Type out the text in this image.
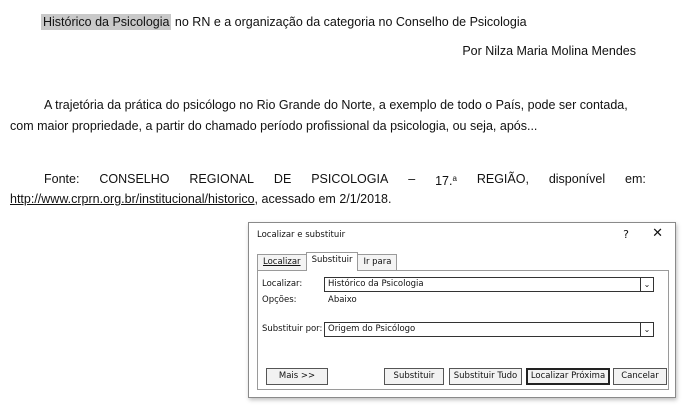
Histórico da Psicologia no RN e a organização da categoria no Conselho de Psicologia
Por Nilza Maria Molina Mendes
A trajetória da prática do psicólogo no Rio Grande do Norte, a exemplo de todo o País, pode ser contada, com maior propriedade, a partir do chamado período profissional da psicologia, ou seja, após...
Fonte: CONSELHO REGIONAL DE PSICOLOGIA – 17.$^a$ REGIÃO, disponível em:
http://www.crprn.org.br/institucional/historico, acessado em 2/1/2018.
Localizar e substituir	? ✕
Localizar	Substituir	Ir para
Localizar:	Histórico da Psicologia	⌄
Opções:	Abaixo
Substituir por: Origem do Psicólogo	⌄
Mais >>	Substituir	Substituir Tudo	Localizar Próxima	Cancelar
